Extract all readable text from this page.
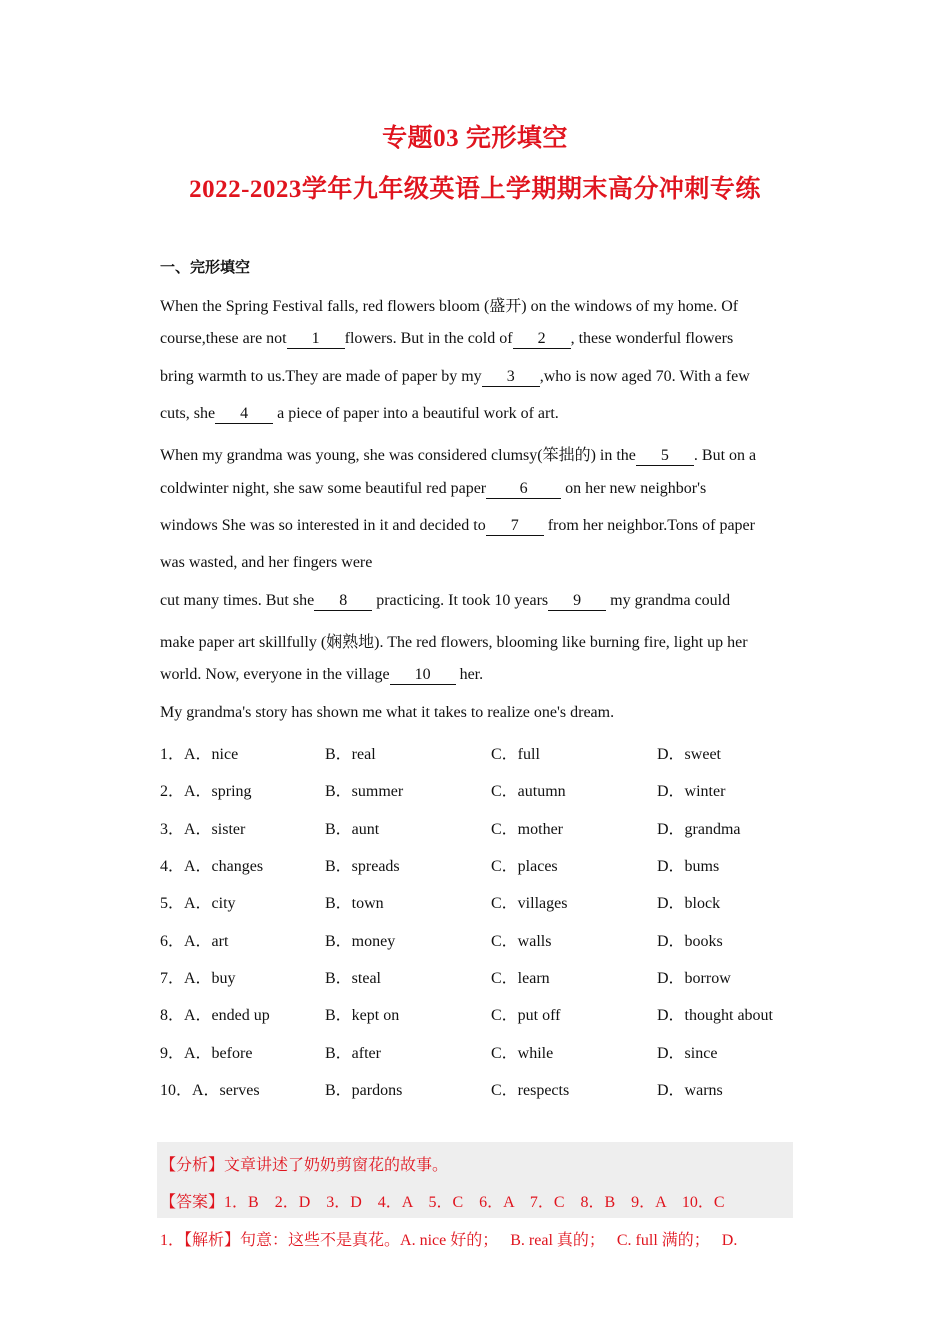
专题03 完形填空
2022-2023学年九年级英语上学期期末高分冲刺专练
一、完形填空
When the Spring Festival falls, red flowers bloom (盛开) on the windows of my home. Of
course,these are not 1 flowers. But in the cold of 2 , these wonderful flowers
bring warmth to us.They are made of paper by my 3 ,who is now aged 70. With a few
cuts, she 4 a piece of paper into a beautiful work of art.
When my grandma was young, she was considered clumsy(笨拙的) in the 5 . But on a
coldwinter night, she saw some beautiful red paper 6 on her new neighbor's
windows She was so interested in it and decided to 7 from her neighbor.Tons of paper
was wasted, and her fingers were
cut many times. But she 8 practicing. It took 10 years 9 my grandma could
make paper art skillfully (娴熟地). The red flowers, blooming like burning fire, light up her
world. Now, everyone in the village 10 her.
My grandma's story has shown me what it takes to realize one's dream.
1．A．nice	B．real	C．full	D．sweet
2．A．spring	B．summer	C．autumn	D．winter
3．A．sister	B．aunt	C．mother	D．grandma
4．A．changes	B．spreads	C．places	D．bums
5．A．city	B．town	C．villages	D．block
6．A．art	B．money	C．walls	D．books
7．A．buy	B．steal	C．learn	D．borrow
8．A．ended up	B．kept on	C．put off	D．thought about
9．A．before	B．after	C．while	D．since
10．A．serves	B．pardons	C．respects	D．warns
【分析】文章讲述了奶奶剪窗花的故事。
【答案】1．B　2．D　3．D　4．A　5．C　6．A　7．C　8．B　9．A　10．C
1．【解析】句意：这些不是真花。A. nice 好的；　 B. real 真的；　 C. full 满的；　 D.
